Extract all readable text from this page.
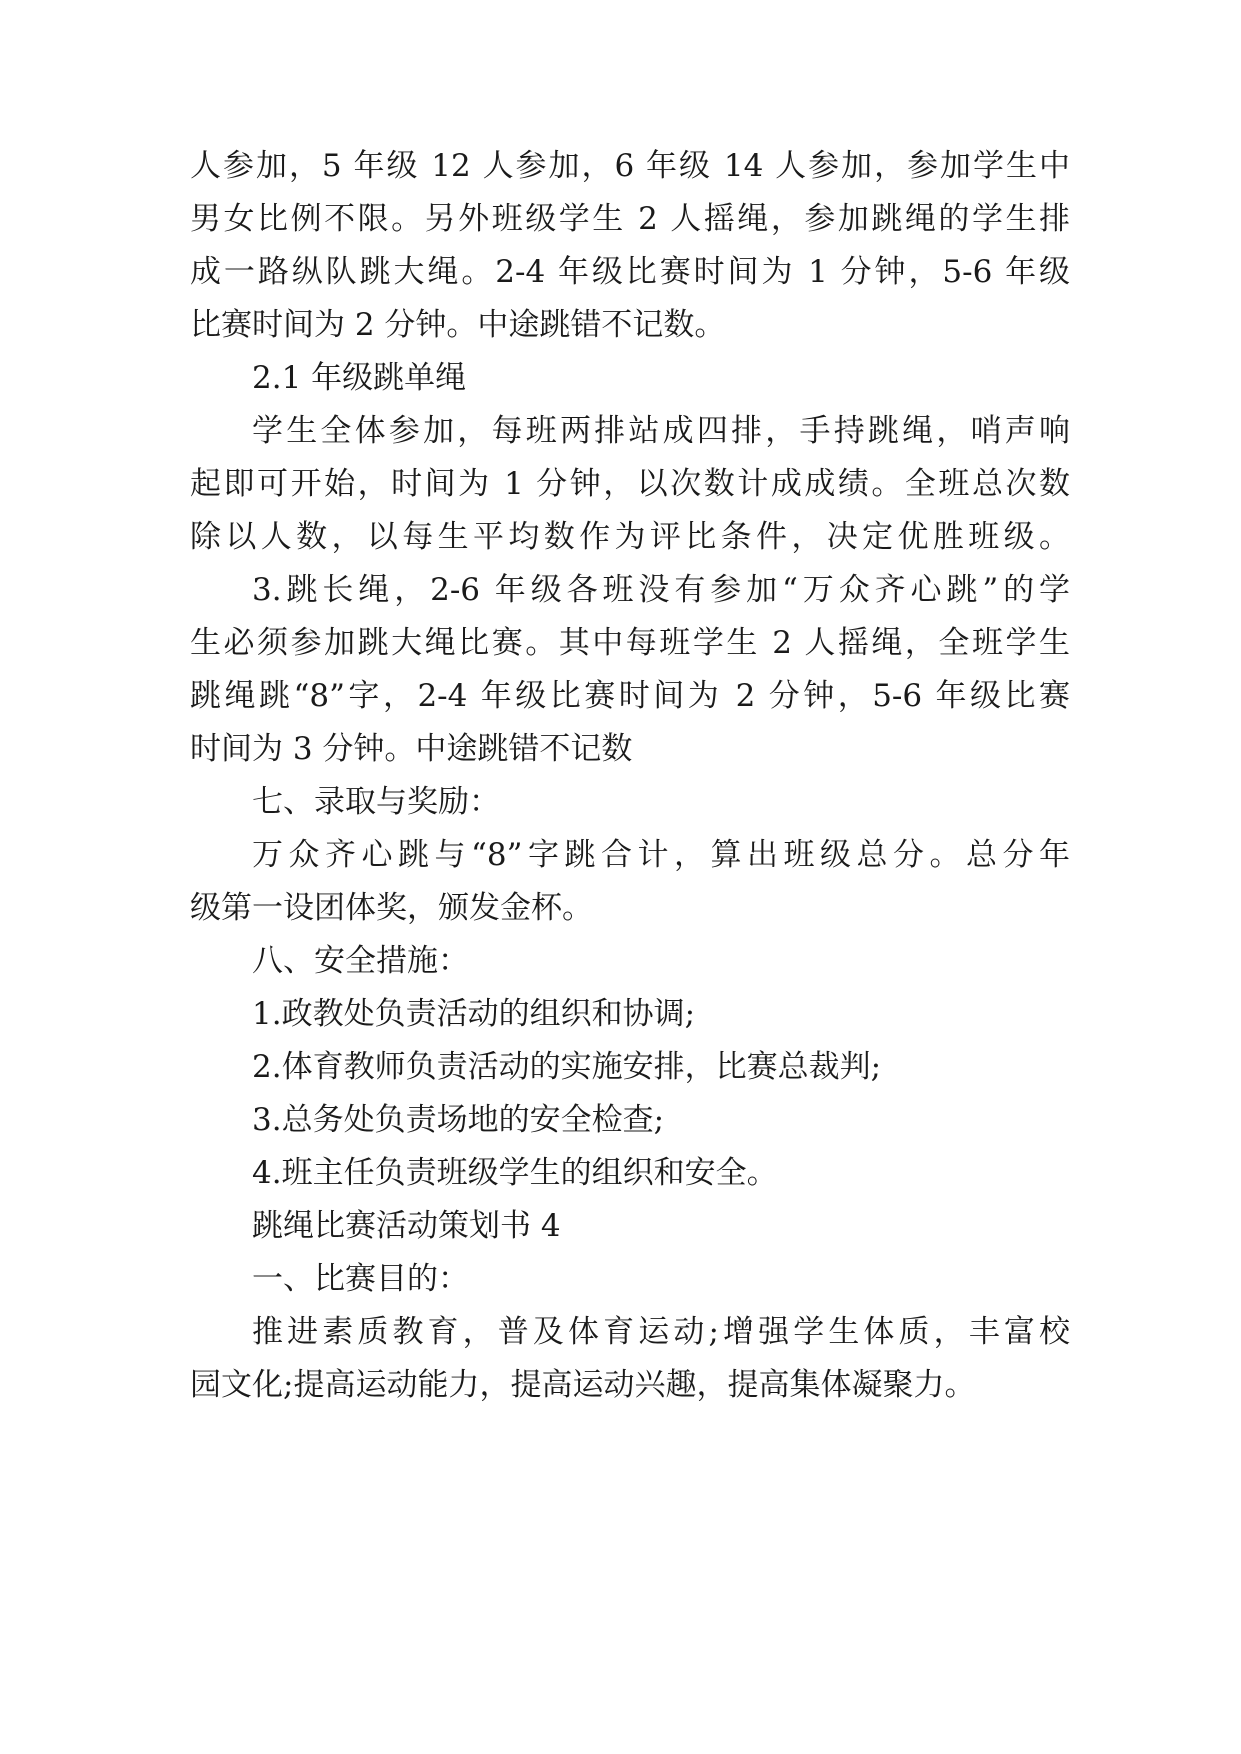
人参加，5 年级 12 人参加，6 年级 14 人参加，参加学生中
男女比例不限。另外班级学生 2 人摇绳，参加跳绳的学生排
成一路纵队跳大绳。2-4 年级比赛时间为 1 分钟，5-6 年级
比赛时间为 2 分钟。中途跳错不记数。
2.1 年级跳单绳
学生全体参加，每班两排站成四排，手持跳绳，哨声响
起即可开始，时间为 1 分钟，以次数计成成绩。全班总次数
除以人数，以每生平均数作为评比条件，决定优胜班级。
3.跳长绳，2-6 年级各班没有参加“万众齐心跳”的学
生必须参加跳大绳比赛。其中每班学生 2 人摇绳，全班学生
跳绳跳“8”字，2-4 年级比赛时间为 2 分钟，5-6 年级比赛
时间为 3 分钟。中途跳错不记数
七、录取与奖励：
万众齐心跳与“8”字跳合计，算出班级总分。总分年
级第一设团体奖，颁发金杯。
八、安全措施：
1.政教处负责活动的组织和协调;
2.体育教师负责活动的实施安排，比赛总裁判;
3.总务处负责场地的安全检查;
4.班主任负责班级学生的组织和安全。
跳绳比赛活动策划书 4
一、比赛目的：
推进素质教育，普及体育运动;增强学生体质，丰富校
园文化;提高运动能力，提高运动兴趣，提高集体凝聚力。
